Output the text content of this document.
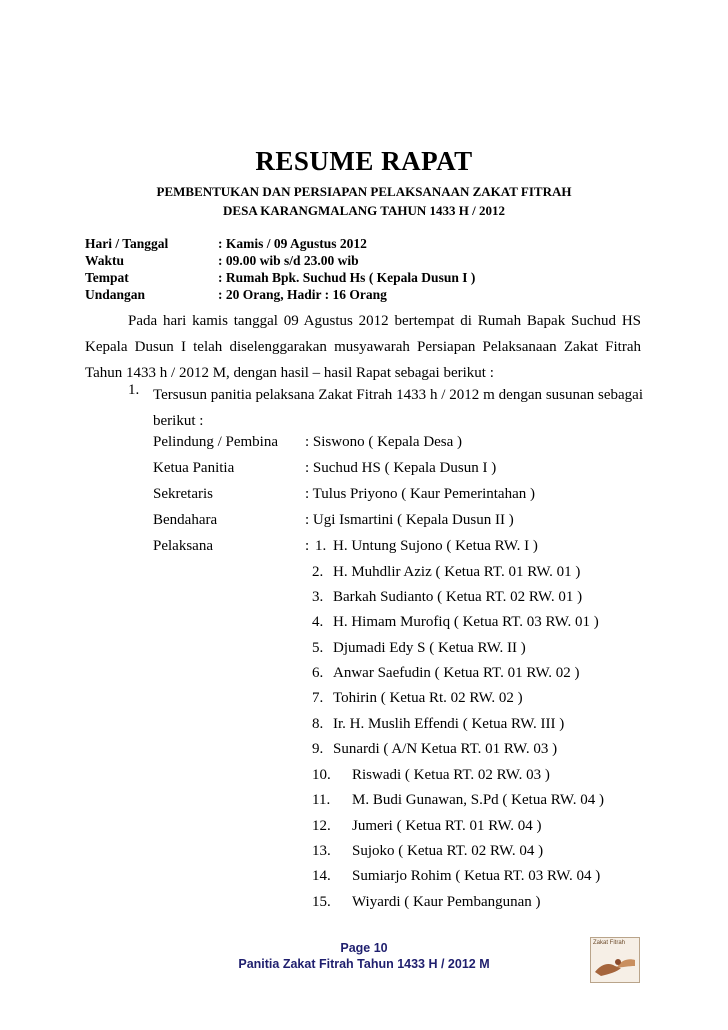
RESUME RAPAT
PEMBENTUKAN DAN PERSIAPAN PELAKSANAAN ZAKAT FITRAH
DESA KARANGMALANG TAHUN 1433 H / 2012
Hari / Tanggal	: Kamis / 09 Agustus 2012
Waktu	: 09.00 wib s/d 23.00 wib
Tempat	: Rumah Bpk. Suchud Hs ( Kepala Dusun I )
Undangan	: 20 Orang, Hadir : 16 Orang
Pada hari kamis tanggal 09 Agustus 2012 bertempat di Rumah Bapak Suchud HS Kepala Dusun I telah diselenggarakan musyawarah Persiapan Pelaksanaan Zakat Fitrah Tahun 1433 h / 2012 M, dengan hasil – hasil Rapat sebagai berikut :
1. Tersusun panitia pelaksana Zakat Fitrah 1433 h / 2012 m dengan susunan sebagai berikut :
Pelindung / Pembina : Siswono ( Kepala Desa )
Ketua Panitia	: Suchud HS ( Kepala Dusun I )
Sekretaris	: Tulus Priyono ( Kaur Pemerintahan )
Bendahara	: Ugi Ismartini ( Kepala Dusun II )
Pelaksana	: 1. H. Untung Sujono ( Ketua RW. I )
2. H. Muhdlir Aziz ( Ketua RT. 01 RW. 01 )
3. Barkah Sudianto ( Ketua RT. 02 RW. 01 )
4. H. Himam Murofiq ( Ketua RT. 03 RW. 01 )
5. Djumadi Edy S ( Ketua RW. II )
6. Anwar Saefudin ( Ketua RT. 01 RW. 02 )
7. Tohirin ( Ketua Rt. 02 RW. 02 )
8. Ir. H. Muslih Effendi ( Ketua RW. III )
9. Sunardi ( A/N Ketua RT. 01 RW. 03 )
10. Riswadi ( Ketua RT. 02 RW. 03 )
11. M. Budi Gunawan, S.Pd ( Ketua RW. 04 )
12. Jumeri ( Ketua RT. 01 RW. 04 )
13. Sujoko ( Ketua RT. 02 RW. 04 )
14. Sumiarjo Rohim ( Ketua RT. 03 RW. 04 )
15. Wiyardi ( Kaur Pembangunan )
Page 10
Panitia Zakat Fitrah Tahun 1433 H / 2012 M
Zakat Fitrah
